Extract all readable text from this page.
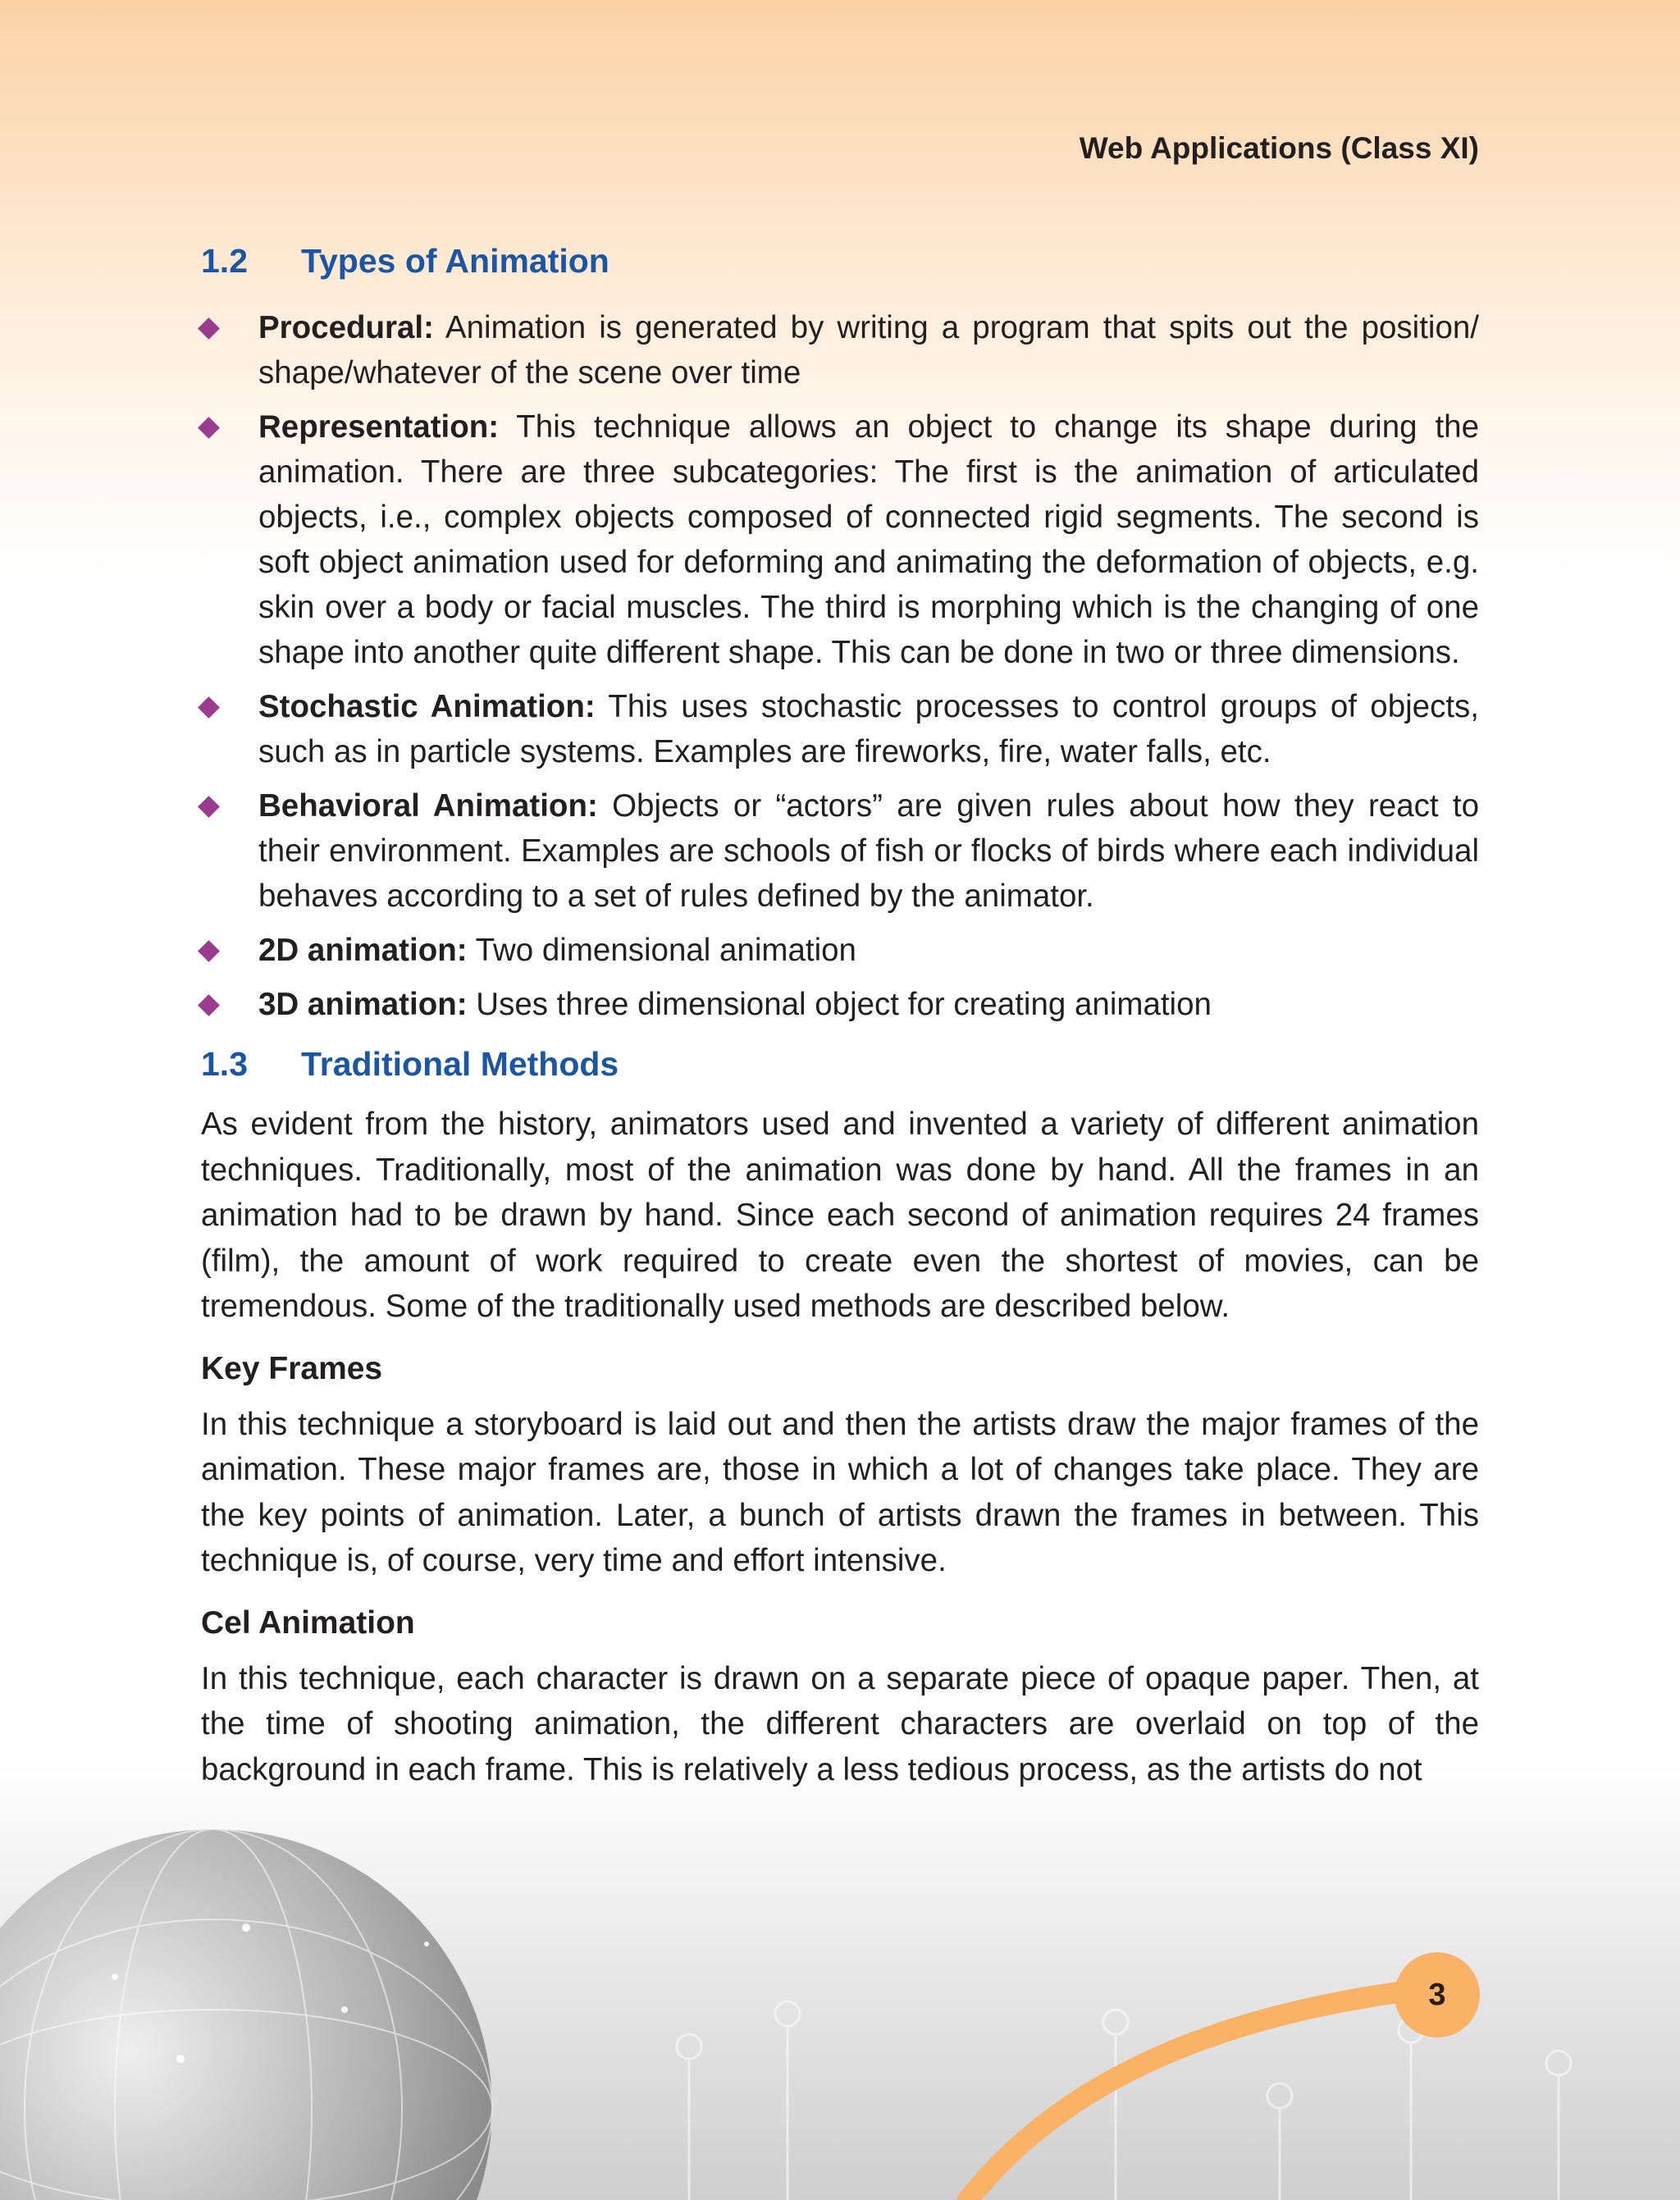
Web Applications (Class XI)
1.2	Types of Animation
Procedural: Animation is generated by writing a program that spits out the position/ shape/whatever of the scene over time
Representation: This technique allows an object to change its shape during the animation. There are three subcategories: The first is the animation of articulated objects, i.e., complex objects composed of connected rigid segments. The second is soft object animation used for deforming and animating the deformation of objects, e.g. skin over a body or facial muscles. The third is morphing which is the changing of one shape into another quite different shape. This can be done in two or three dimensions.
Stochastic Animation: This uses stochastic processes to control groups of objects, such as in particle systems. Examples are fireworks, fire, water falls, etc.
Behavioral Animation: Objects or “actors” are given rules about how they react to their environment. Examples are schools of fish or flocks of birds where each individual behaves according to a set of rules defined by the animator.
2D animation: Two dimensional animation
3D animation: Uses three dimensional object for creating animation
1.3	Traditional Methods

As evident from the history, animators used and invented a variety of different animation techniques. Traditionally, most of the animation was done by hand. All the frames in an animation had to be drawn by hand. Since each second of animation requires 24 frames (film), the amount of work required to create even the shortest of movies, can be tremendous. Some of the traditionally used methods are described below.

Key Frames

In this technique a storyboard is laid out and then the artists draw the major frames of the animation. These major frames are, those in which a lot of changes take place. They are the key points of animation. Later, a bunch of artists drawn the frames in between. This technique is, of course, very time and effort intensive.

Cel Animation

In this technique, each character is drawn on a separate piece of opaque paper. Then, at the time of shooting animation, the different characters are overlaid on top of the background in each frame. This is relatively a less tedious process, as the artists do not

3
